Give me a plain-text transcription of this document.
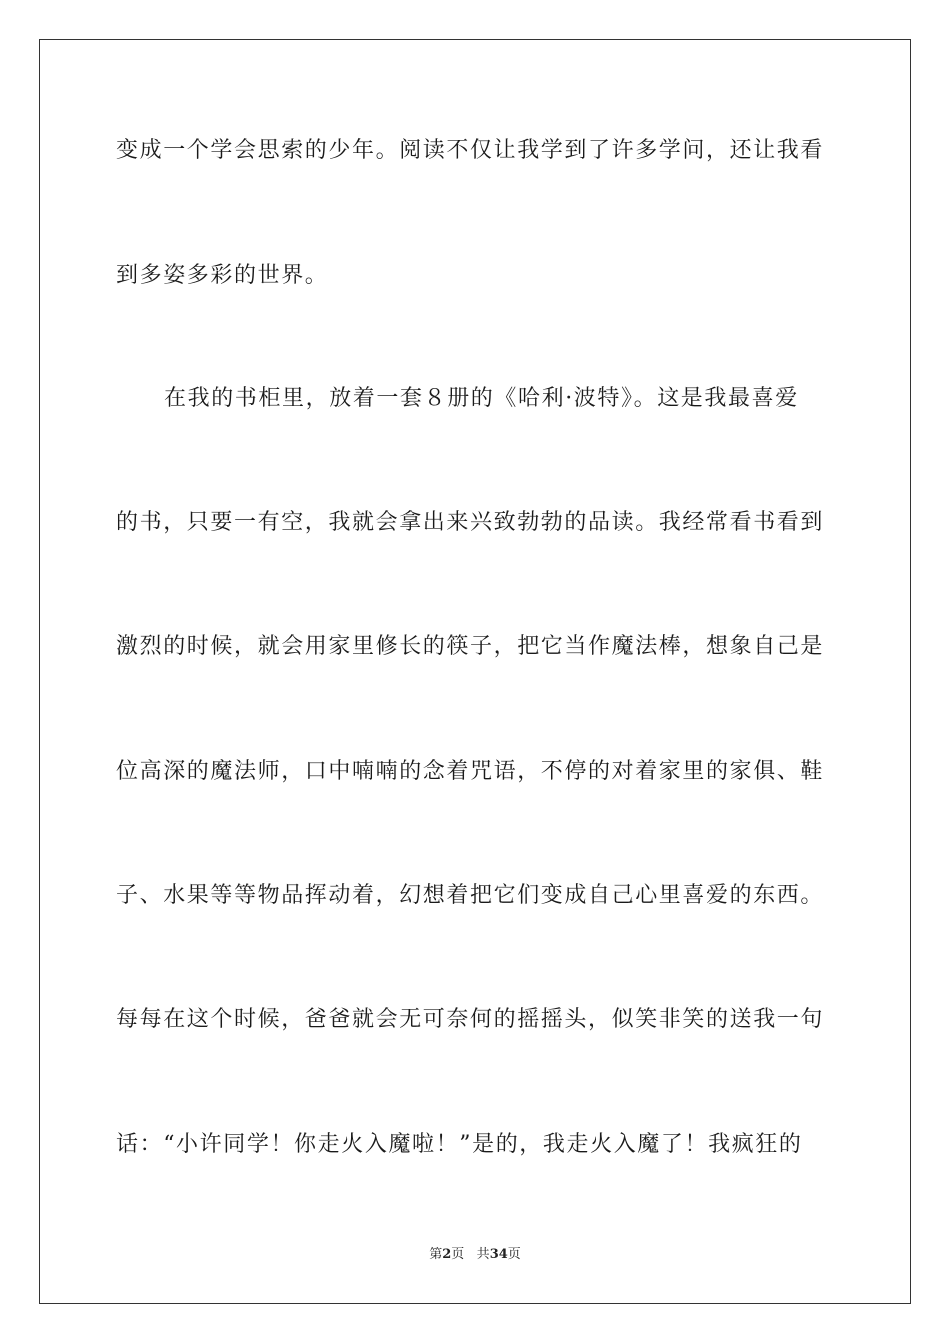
变成一个学会思索的少年。阅读不仅让我学到了许多学问，还让我看
到多姿多彩的世界。
在我的书柜里，放着一套８册的《哈利·波特》。这是我最喜爱
的书，只要一有空，我就会拿出来兴致勃勃的品读。我经常看书看到
激烈的时候，就会用家里修长的筷子，把它当作魔法棒，想象自己是
位高深的魔法师，口中喃喃的念着咒语，不停的对着家里的家俱、鞋
子、水果等等物品挥动着，幻想着把它们变成自己心里喜爱的东西。
每每在这个时候，爸爸就会无可奈何的摇摇头，似笑非笑的送我一句
话：“小许同学！你走火入魔啦！”是的，我走火入魔了！我疯狂的
第2页 共34页
